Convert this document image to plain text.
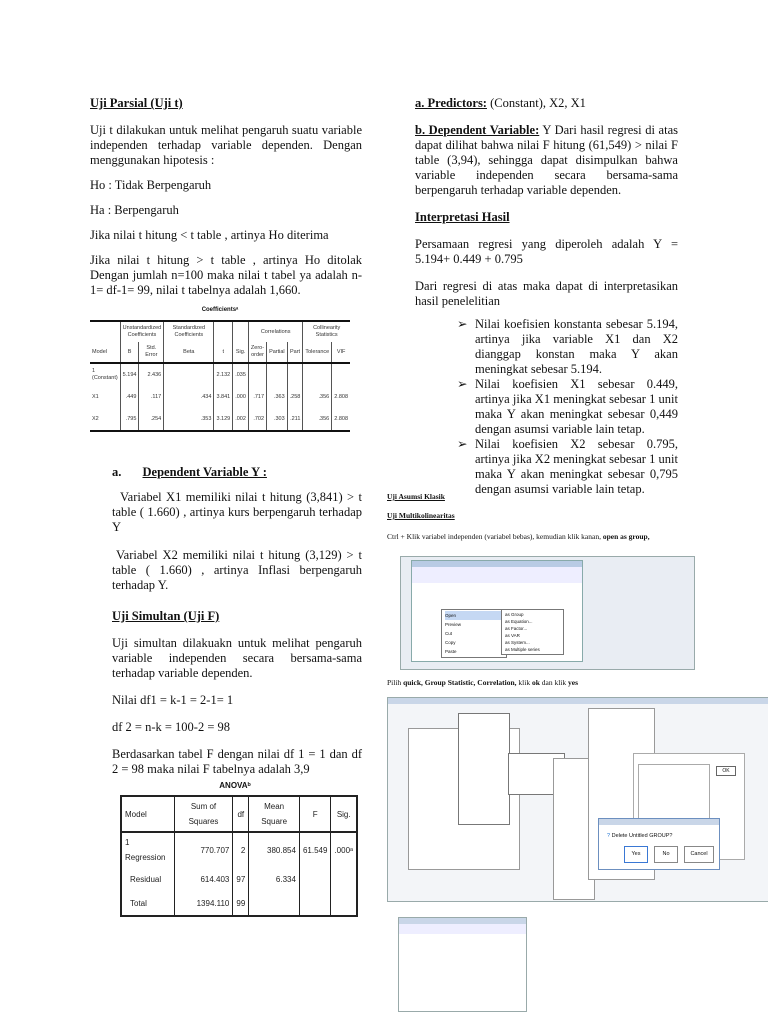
Uji Parsial (Uji t)

Uji t dilakukan untuk melihat pengaruh suatu variable independen terhadap variable dependen. Dengan menggunakan hipotesis :

Ho : Tidak Berpengaruh

Ha : Berpengaruh

Jika nilai t hitung < t table , artinya Ho diterima

Jika nilai t hitung > t table , artinya Ho ditolak Dengan jumlah n=100 maka nilai t tabel ya adalah n-1= df-1= 99, nilai t tabelnya adalah 1,660.

Coefficientsᵃ
	Unstandardized Coefficients		Standardized Coefficients			Correlations			Collinearity Statistics	
Model	B	Std. Error	Beta	t	Sig.	Zero-order	Partial	Part	Tolerance	VIF
1 (Constant)	5.194	2.436		2.132	.035					
X1	.449	.117	.434	3.841	.000	.717	.363	.258	.356	2.808
X2	.795	.254	.353	3.129	.002	.702	.303	.211	.356	2.808
a. Dependent Variable Y :

Variabel X1 memiliki nilai t hitung (3,841) > t table ( 1.660) , artinya kurs berpengaruh terhadap Y

Variabel X2 memiliki nilai t hitung (3,129) > t table ( 1.660) , artinya Inflasi berpengaruh terhadap Y.

Uji Simultan (Uji F)

Uji simultan dilakuakn untuk melihat pengaruh variable independen secara bersama-sama terhadap variable dependen.

Nilai df1 = k-1 = 2-1= 1

df 2 = n-k = 100-2 = 98

Berdasarkan tabel F dengan nilai df 1 = 1 dan df 2 = 98 maka nilai F tabelnya adalah 3,9

ANOVAᵇ
Model	Sum of Squares	df	Mean Square	F	Sig.
1 Regression	770.707	2	380.854	61.549	.000ᵃ
Residual	614.403	97	6.334		
Total	1394.110	99			

a. Predictors: (Constant), X2, X1

b. Dependent Variable: Y Dari hasil regresi di atas dapat dilihat bahwa nilai F hitung (61,549) > nilai F table (3,94), sehingga dapat disimpulkan bahwa variable independen secara bersama-sama berpengaruh terhadap variable dependen.

Interpretasi Hasil

Persamaan regresi yang diperoleh adalah Y = 5.194+ 0.449 + 0.795

Dari regresi di atas maka dapat di interpretasikan hasil penelelitian

➢ Nilai koefisien konstanta sebesar 5.194, artinya jika variable X1 dan X2 dianggap konstan maka Y akan meningkat sebesar 5.194.
➢ Nilai koefisien X1 sebesar 0.449, artinya jika X1 meningkat sebesar 1 unit maka Y akan meningkat sebesar 0,449 dengan asumsi variable lain tetap.
➢ Nilai koefisien X2 sebesar 0.795, artinya jika X2 meningkat sebesar 1 unit maka Y akan meningkat sebesar 0,795 dengan asumsi variable lain tetap.

Uji Asumsi Klasik

Uji Multikolinearitas

Ctrl + Klik variabel independen (variabel bebas), kemudian klik kanan, open as group,

Open
Preview
Cut
Copy
Paste
as Group
as Equation...
as Factor...
as VAR
as System...
as Multiple series

Pilih quick, Group Statistic, Correlation, klik ok dan klik yes

OK
? Delete Untitled GROUP?
Yes	No	Cancel
